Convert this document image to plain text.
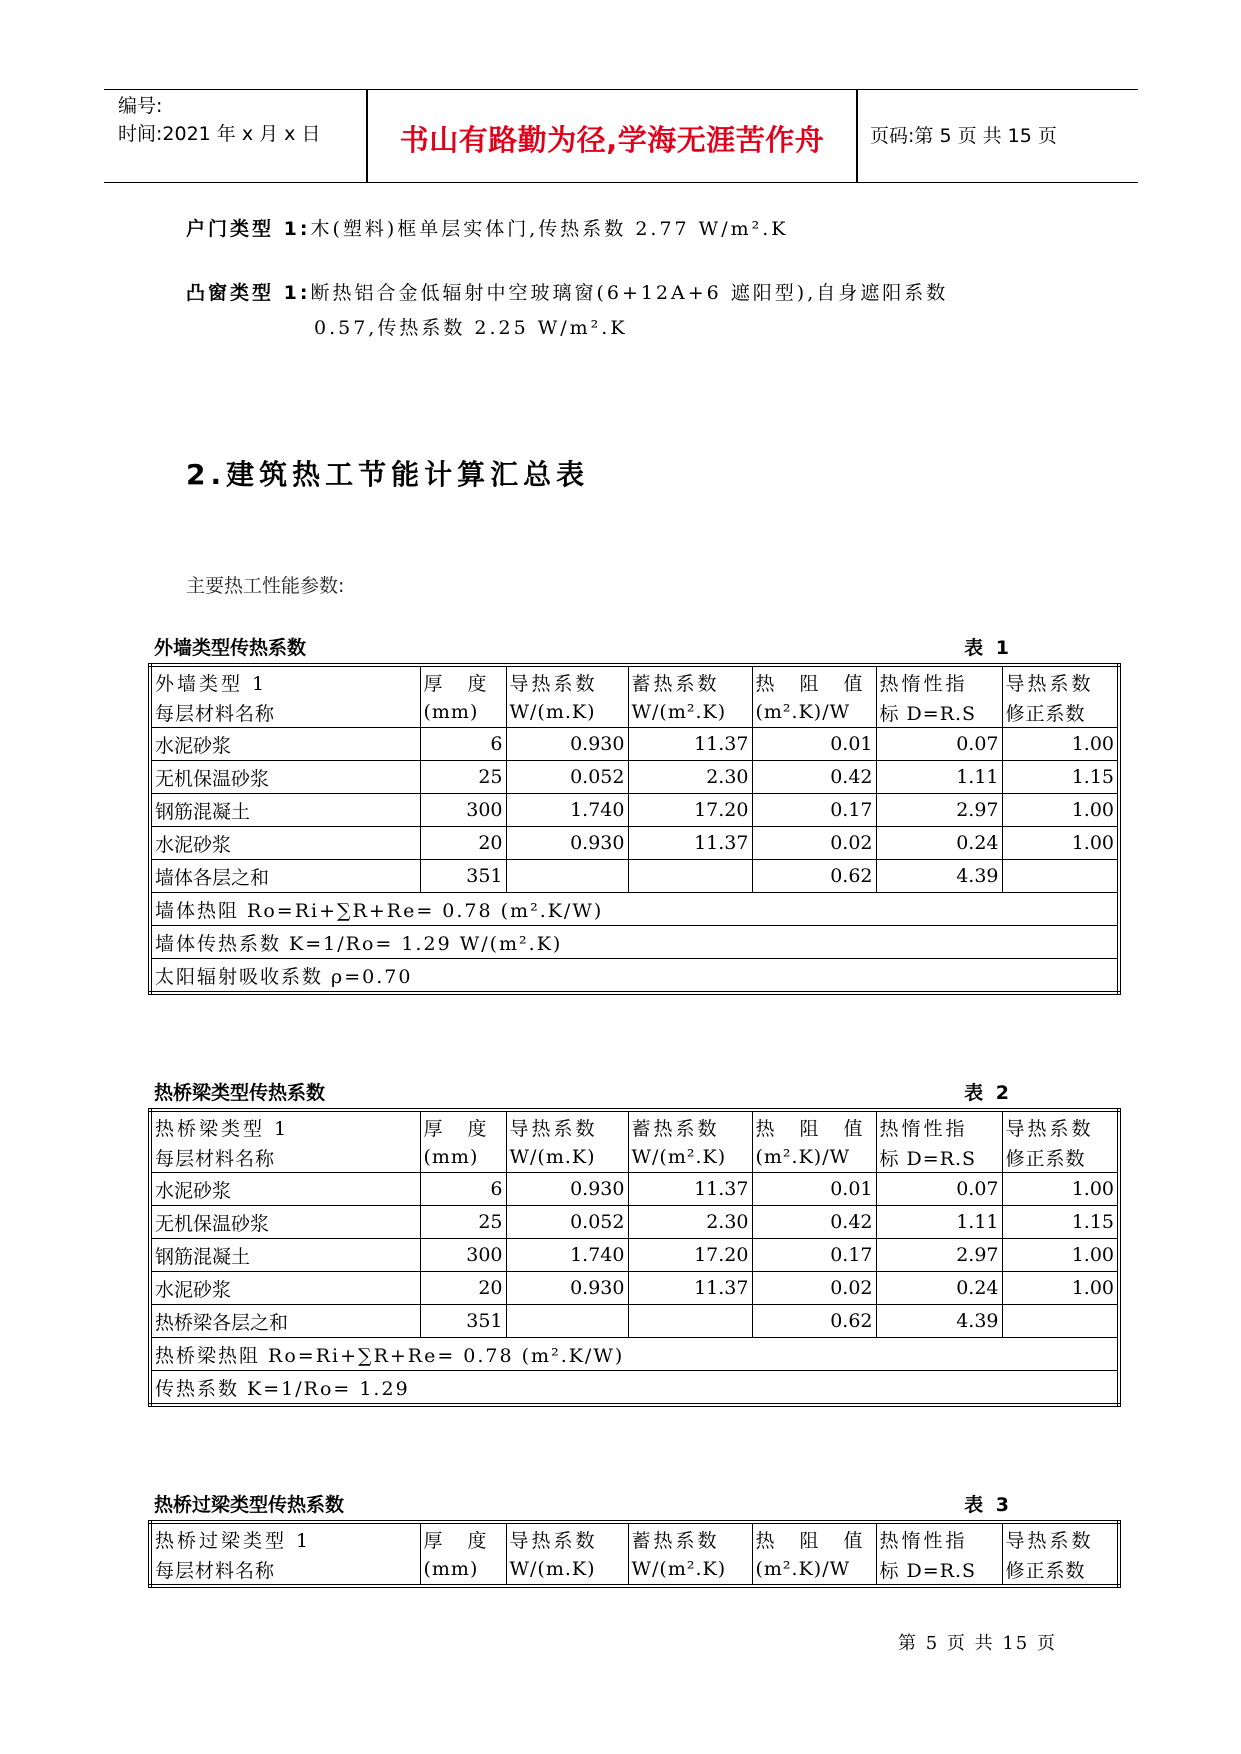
编号:
时间:2021 年 x 月 x 日	书山有路勤为径,学海无涯苦作舟	页码:第 5 页 共 15 页
户门类型 1:木(塑料)框单层实体门,传热系数 2.77 W/m².K
凸窗类型 1:断热铝合金低辐射中空玻璃窗(6+12A+6 遮阳型),自身遮阳系数
0.57,传热系数 2.25 W/m².K
2.建筑热工节能计算汇总表
主要热工性能参数:
外墙类型传热系数	表 1
外墙类型 1	厚　度	导热系数	蓄热系数	热　阻　值	热惰性指	导热系数
每层材料名称	(mm)	W/(m.K)	W/(m².K)	(m².K)/W	标 D=R.S	修正系数
水泥砂浆	6	0.930	11.37	0.01	0.07	1.00
无机保温砂浆	25	0.052	2.30	0.42	1.11	1.15
钢筋混凝土	300	1.740	17.20	0.17	2.97	1.00
水泥砂浆	20	0.930	11.37	0.02	0.24	1.00
墙体各层之和	351			0.62	4.39	
墙体热阻 Ro=Ri+∑R+Re= 0.78 (m².K/W)						
墙体传热系数 K=1/Ro= 1.29 W/(m².K)						
太阳辐射吸收系数 ρ=0.70						
热桥梁类型传热系数	表 2
热桥梁类型 1	厚　度	导热系数	蓄热系数	热　阻　值	热惰性指	导热系数
每层材料名称	(mm)	W/(m.K)	W/(m².K)	(m².K)/W	标 D=R.S	修正系数
水泥砂浆	6	0.930	11.37	0.01	0.07	1.00
无机保温砂浆	25	0.052	2.30	0.42	1.11	1.15
钢筋混凝土	300	1.740	17.20	0.17	2.97	1.00
水泥砂浆	20	0.930	11.37	0.02	0.24	1.00
热桥梁各层之和	351			0.62	4.39	
热桥梁热阻 Ro=Ri+∑R+Re= 0.78 (m².K/W)						
传热系数 K=1/Ro= 1.29						
热桥过梁类型传热系数	表 3
热桥过梁类型 1	厚　度	导热系数	蓄热系数	热　阻　值	热惰性指	导热系数
每层材料名称	(mm)	W/(m.K)	W/(m².K)	(m².K)/W	标 D=R.S	修正系数
第 5 页 共 15 页
